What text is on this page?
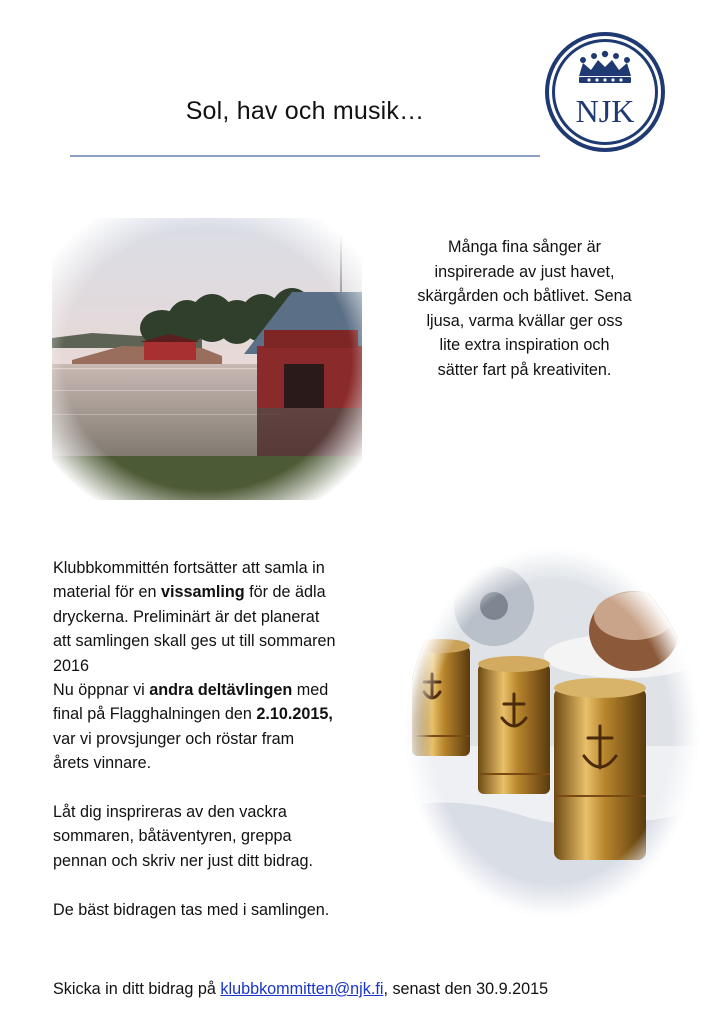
Sol, hav och musik…	NJK
Många fina sånger är
inspirerade av just havet,
skärgården och båtlivet. Sena
ljusa, varma kvällar ger oss
lite extra inspiration och
sätter fart på kreativiten.

Klubbkommittén fortsätter att samla in

material för en vissamling för de ädla

dryckerna. Preliminärt är det planerat

att samlingen skall ges ut till sommaren

2016

Nu öppnar vi andra deltävlingen med

final på Flagghalningen den 2.10.2015,

var vi provsjunger och röstar fram

årets vinnare.

Låt dig insprireras av den vackra

sommaren, båtäventyren, greppa

pennan och skriv ner just ditt bidrag.

De bäst bidragen tas med i samlingen.

Skicka in ditt bidrag på klubbkommitten@njk.fi, senast den 30.9.2015
